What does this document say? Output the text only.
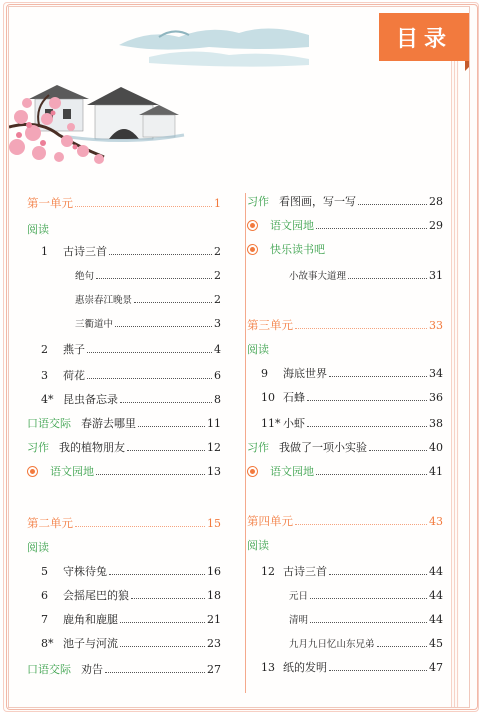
目录
第一单元	1
阅读
1	古诗三首	2
绝句	2
惠崇春江晚景	2
三衢道中	3
2	燕子	4
3	荷花	6
4* 昆虫备忘录	8
口语交际 春游去哪里	11
习作 我的植物朋友	12
语文园地	13
第二单元	15
阅读
5	守株待兔	16
6	会摇尾巴的狼	18
7	鹿角和鹿腿	21
8* 池子与河流	23
口语交际 劝告	27
习作 看图画，写一写	28
语文园地	29
快乐读书吧
小故事大道理	31
第三单元	33
阅读
9	海底世界	34
10 石蜂	36
11* 小虾	38
习作 我做了一项小实验	40
语文园地	41
第四单元	43
阅读
12 古诗三首	44
元日	44
清明	44
九月九日忆山东兄弟	45
13 纸的发明	47
